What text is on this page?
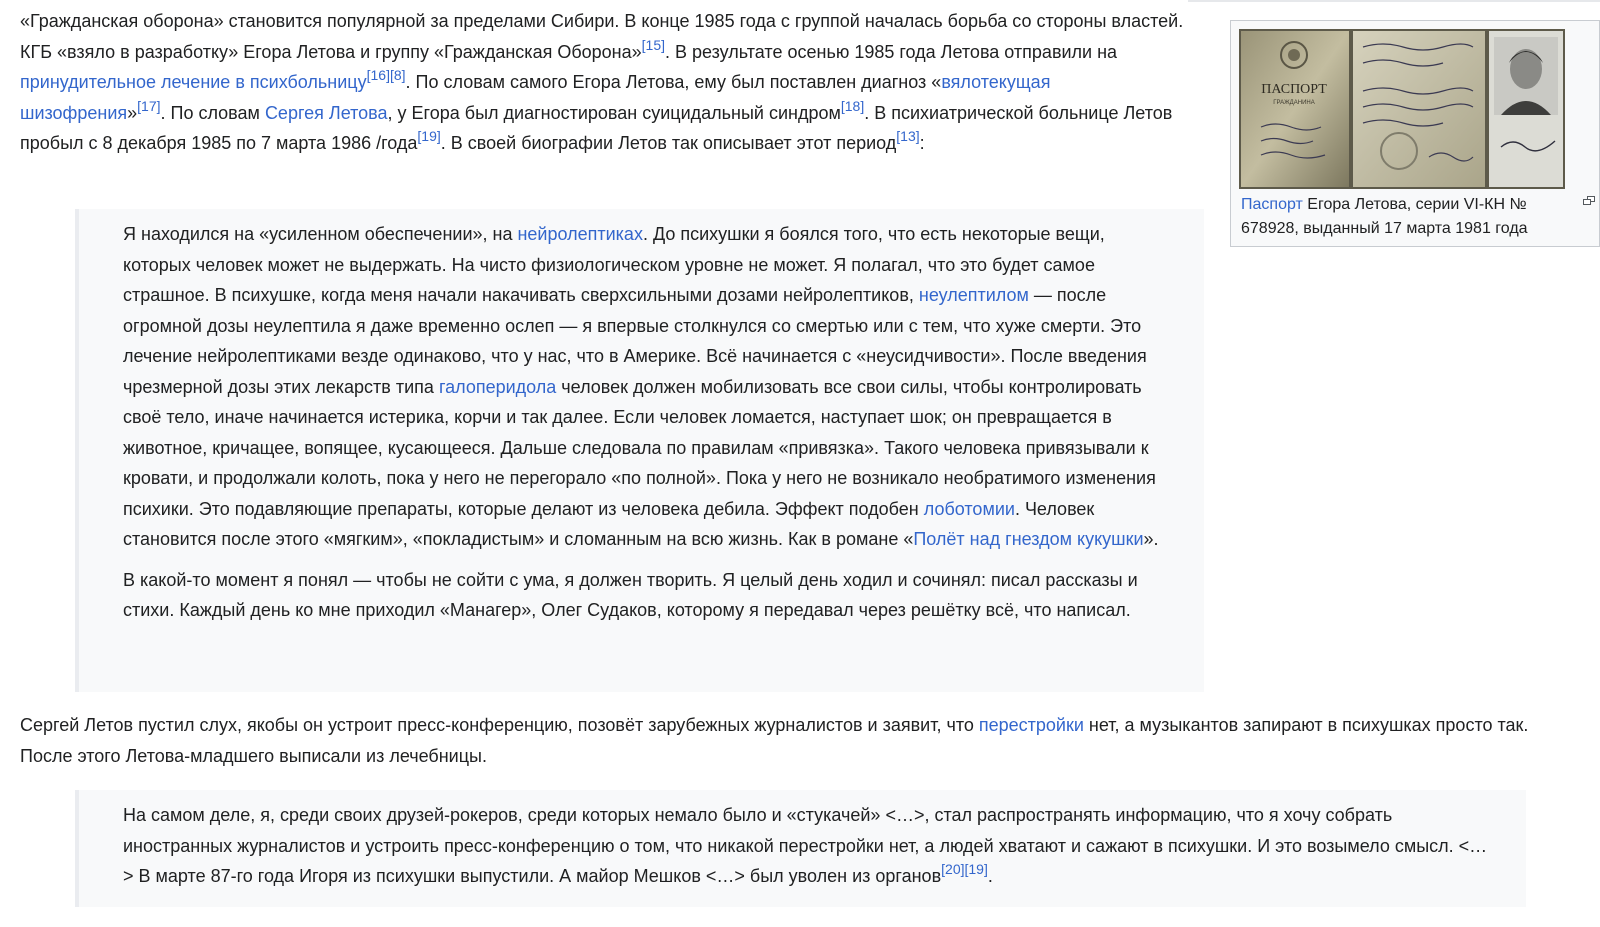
«Гражданская оборона» становится популярной за пределами Сибири. В конце 1985 года с группой началась борьба со стороны властей. КГБ «взяло в разработку» Егора Летова и группу «Гражданская Оборона»[15]. В результате осенью 1985 года Летова отправили на принудительное лечение в психбольницу[16][8]. По словам самого Егора Летова, ему был поставлен диагноз «вялотекущая шизофрения»[17]. По словам Сергея Летова, у Егора был диагностирован суицидальный синдром[18]. В психиатрической больнице Летов пробыл с 8 декабря 1985 по 7 марта 1986 /года[19]. В своей биографии Летов так описывает этот период[13]:

Я находился на «усиленном обеспечении», на нейролептиках. До психушки я боялся того, что есть некоторые вещи, которых человек может не выдержать. На чисто физиологическом уровне не может. Я полагал, что это будет самое страшное. В психушке, когда меня начали накачивать сверхсильными дозами нейролептиков, неулептилом — после огромной дозы неулептила я даже временно ослеп — я впервые столкнулся со смертью или с тем, что хуже смерти. Это лечение нейролептиками везде одинаково, что у нас, что в Америке. Всё начинается с «неусидчивости». После введения чрезмерной дозы этих лекарств типа галоперидола человек должен мобилизовать все свои силы, чтобы контролировать своё тело, иначе начинается истерика, корчи и так далее. Если человек ломается, наступает шок; он превращается в животное, кричащее, вопящее, кусающееся. Дальше следовала по правилам «привязка». Такого человека привязывали к кровати, и продолжали колоть, пока у него не перегорало «по полной». Пока у него не возникало необратимого изменения психики. Это подавляющие препараты, которые делают из человека дебила. Эффект подобен лоботомии. Человек становится после этого «мягким», «покладистым» и сломанным на всю жизнь. Как в романе «Полёт над гнездом кукушки».

В какой-то момент я понял — чтобы не сойти с ума, я должен творить. Я целый день ходил и сочинял: писал рассказы и стихи. Каждый день ко мне приходил «Манагер», Олег Судаков, которому я передавал через решётку всё, что написал.

Сергей Летов пустил слух, якобы он устроит пресс-конференцию, позовёт зарубежных журналистов и заявит, что перестройки нет, а музыкантов запирают в психушках просто так. После этого Летова-младшего выписали из лечебницы.

На самом деле, я, среди своих друзей-рокеров, среди которых немало было и «стукачей» <…>, стал распространять информацию, что я хочу собрать иностранных журналистов и устроить пресс-конференцию о том, что никакой перестройки нет, а людей хватают и сажают в психушки. И это возымело смысл. <…> В марте 87-го года Игоря из психушки выпустили. А майор Мешков <…> был уволен из органов[20][19].

ПАСПОРТ
ГРАЖДАНИНА
Паспорт Егора Летова, серии VI-КН № 678928, выданный 17 марта 1981 года
